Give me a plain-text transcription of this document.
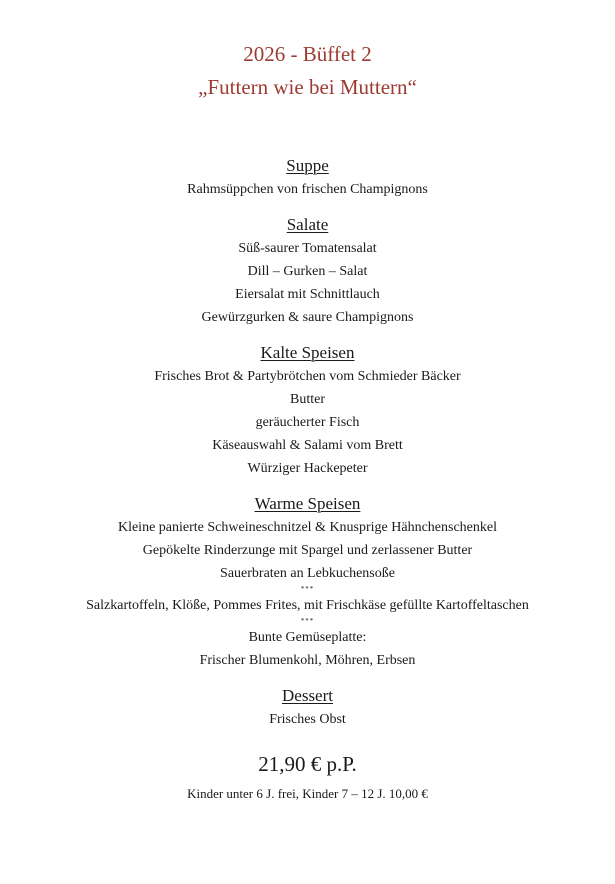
2026 - Büffet 2
„Futtern wie bei Muttern“
Suppe
Rahmsüppchen von frischen Champignons
Salate
Süß-saurer Tomatensalat
Dill – Gurken – Salat
Eiersalat mit Schnittlauch
Gewürzgurken & saure Champignons
Kalte Speisen
Frisches Brot & Partybrötchen vom Schmieder Bäcker
Butter
geräucherter Fisch
Käseauswahl & Salami vom Brett
Würziger Hackepeter
Warme Speisen
Kleine panierte Schweineschnitzel & Knusprige Hähnchenschenkel
Gepökelte Rinderzunge mit Spargel und zerlassener Butter
Sauerbraten an Lebkuchensoße
***
Salzkartoffeln, Klöße, Pommes Frites, mit Frischkäse gefüllte Kartoffeltaschen
***
Bunte Gemüseplatte:
Frischer Blumenkohl, Möhren, Erbsen
Dessert
Frisches Obst
21,90 € p.P.
Kinder unter 6 J. frei, Kinder 7 – 12 J. 10,00 €
